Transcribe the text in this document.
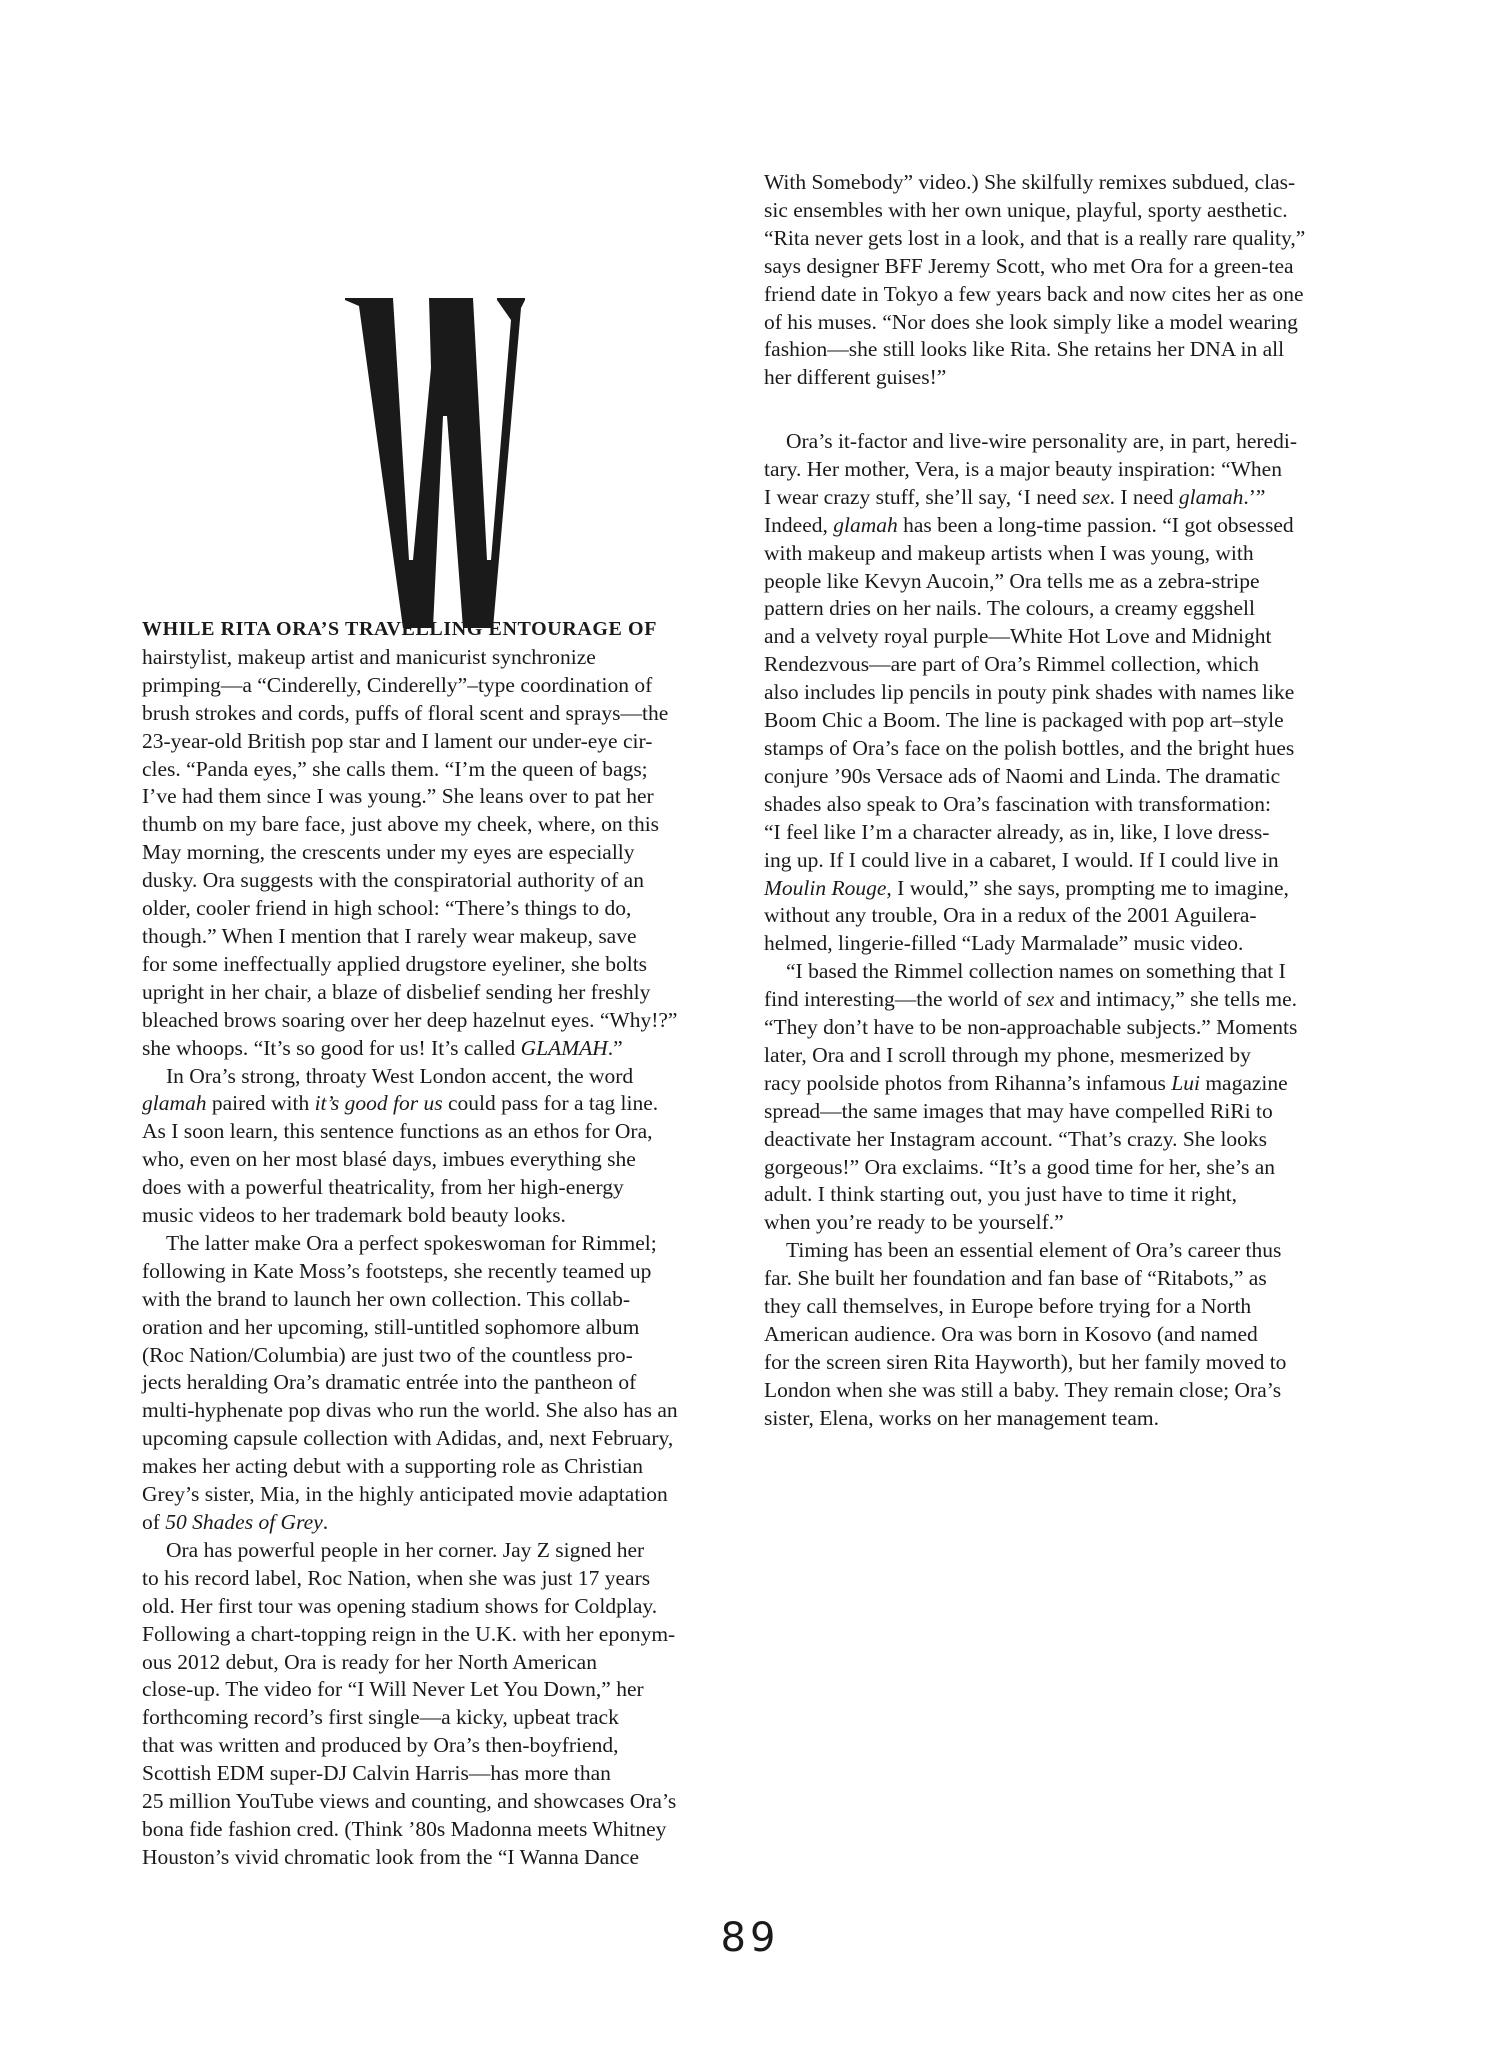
WHILE RITA ORA’S TRAVELLING ENTOURAGE OF
hairstylist, makeup artist and manicurist synchronize
primping—a “Cinderelly, Cinderelly”–type coordination of
brush strokes and cords, puffs of floral scent and sprays—the
23-year-old British pop star and I lament our under-eye cir-
cles. “Panda eyes,” she calls them. “I’m the queen of bags;
I’ve had them since I was young.” She leans over to pat her
thumb on my bare face, just above my cheek, where, on this
May morning, the crescents under my eyes are especially
dusky. Ora suggests with the conspiratorial authority of an
older, cooler friend in high school: “There’s things to do,
though.” When I mention that I rarely wear makeup, save
for some ineffectually applied drugstore eyeliner, she bolts
upright in her chair, a blaze of disbelief sending her freshly
bleached brows soaring over her deep hazelnut eyes. “Why!?”
she whoops. “It’s so good for us! It’s called GLAMAH.”
In Ora’s strong, throaty West London accent, the word
glamah paired with it’s good for us could pass for a tag line.
As I soon learn, this sentence functions as an ethos for Ora,
who, even on her most blasé days, imbues everything she
does with a powerful theatricality, from her high-energy
music videos to her trademark bold beauty looks.
The latter make Ora a perfect spokeswoman for Rimmel;
following in Kate Moss’s footsteps, she recently teamed up
with the brand to launch her own collection. This collab-
oration and her upcoming, still-untitled sophomore album
(Roc Nation/Columbia) are just two of the countless pro-
jects heralding Ora’s dramatic entrée into the pantheon of
multi-hyphenate pop divas who run the world. She also has an
upcoming capsule collection with Adidas, and, next February,
makes her acting debut with a supporting role as Christian
Grey’s sister, Mia, in the highly anticipated movie adaptation
of 50 Shades of Grey.
Ora has powerful people in her corner. Jay Z signed her
to his record label, Roc Nation, when she was just 17 years
old. Her first tour was opening stadium shows for Coldplay.
Following a chart-topping reign in the U.K. with her eponym-
ous 2012 debut, Ora is ready for her North American
close-up. The video for “I Will Never Let You Down,” her
forthcoming record’s first single—a kicky, upbeat track
that was written and produced by Ora’s then-boyfriend,
Scottish EDM super-DJ Calvin Harris—has more than
25 million YouTube views and counting, and showcases Ora’s
bona fide fashion cred. (Think ’80s Madonna meets Whitney
Houston’s vivid chromatic look from the “I Wanna Dance
With Somebody” video.) She skilfully remixes subdued, clas-
sic ensembles with her own unique, playful, sporty aesthetic.
“Rita never gets lost in a look, and that is a really rare quality,”
says designer BFF Jeremy Scott, who met Ora for a green-tea
friend date in Tokyo a few years back and now cites her as one
of his muses. “Nor does she look simply like a model wearing
fashion—she still looks like Rita. She retains her DNA in all
her different guises!”
Ora’s it-factor and live-wire personality are, in part, heredi-
tary. Her mother, Vera, is a major beauty inspiration: “When
I wear crazy stuff, she’ll say, ‘I need sex. I need glamah.’”
Indeed, glamah has been a long-time passion. “I got obsessed
with makeup and makeup artists when I was young, with
people like Kevyn Aucoin,” Ora tells me as a zebra-stripe
pattern dries on her nails. The colours, a creamy eggshell
and a velvety royal purple—White Hot Love and Midnight
Rendezvous—are part of Ora’s Rimmel collection, which
also includes lip pencils in pouty pink shades with names like
Boom Chic a Boom. The line is packaged with pop art–style
stamps of Ora’s face on the polish bottles, and the bright hues
conjure ’90s Versace ads of Naomi and Linda. The dramatic
shades also speak to Ora’s fascination with transformation:
“I feel like I’m a character already, as in, like, I love dress-
ing up. If I could live in a cabaret, I would. If I could live in
Moulin Rouge, I would,” she says, prompting me to imagine,
without any trouble, Ora in a redux of the 2001 Aguilera-
helmed, lingerie-filled “Lady Marmalade” music video.
“I based the Rimmel collection names on something that I
find interesting—the world of sex and intimacy,” she tells me.
“They don’t have to be non-approachable subjects.” Moments
later, Ora and I scroll through my phone, mesmerized by
racy poolside photos from Rihanna’s infamous Lui magazine
spread—the same images that may have compelled RiRi to
deactivate her Instagram account. “That’s crazy. She looks
gorgeous!” Ora exclaims. “It’s a good time for her, she’s an
adult. I think starting out, you just have to time it right,
when you’re ready to be yourself.”
Timing has been an essential element of Ora’s career thus
far. She built her foundation and fan base of “Ritabots,” as
they call themselves, in Europe before trying for a North
American audience. Ora was born in Kosovo (and named
for the screen siren Rita Hayworth), but her family moved to
London when she was still a baby. They remain close; Ora’s
sister, Elena, works on her management team.
89
